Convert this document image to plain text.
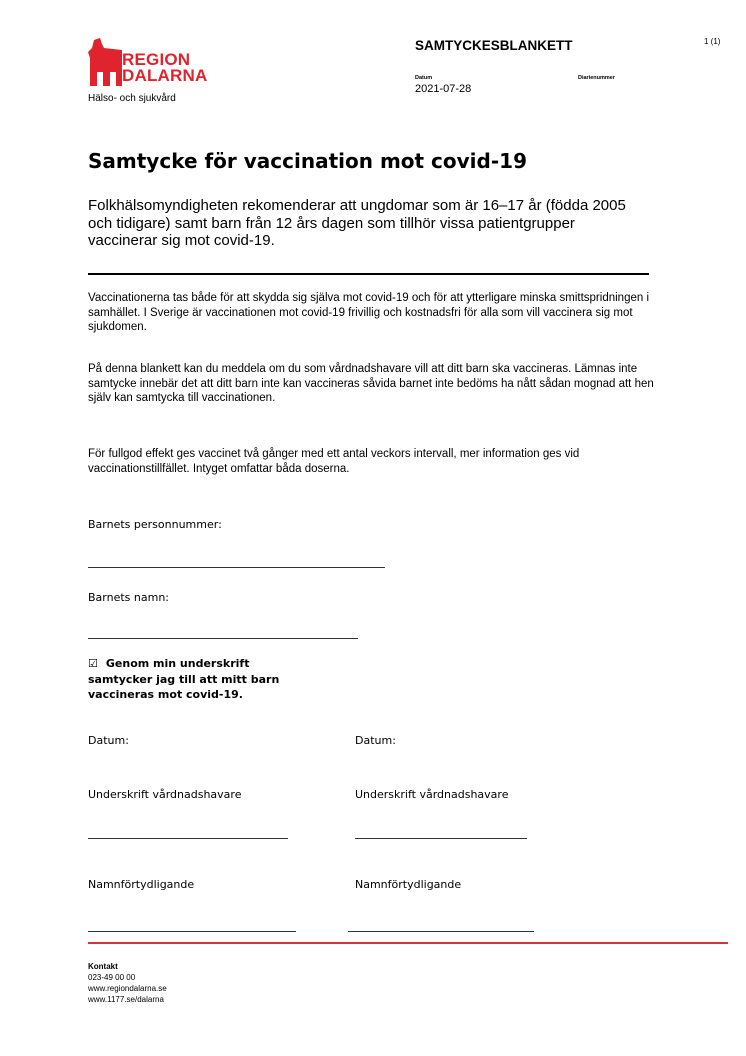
REGION
DALARNA
Hälso- och sjukvård
SAMTYCKESBLANKETT	1 (1)
Datum
2021-07-28
Diarienummer
Samtycke för vaccination mot covid-19
Folkhälsomyndigheten rekomenderar att ungdomar som är 16–17 år (födda 2005 och tidigare) samt barn från 12 års dagen som tillhör vissa patientgrupper vaccinerar sig mot covid-19.
Vaccinationerna tas både för att skydda sig själva mot covid-19 och för att ytterligare minska smittspridningen i samhället. I Sverige är vaccinationen mot covid-19 frivillig och kostnadsfri för alla som vill vaccinera sig mot sjukdomen.
På denna blankett kan du meddela om du som vårdnadshavare vill att ditt barn ska vaccineras. Lämnas inte samtycke innebär det att ditt barn inte kan vaccineras såvida barnet inte bedöms ha nått sådan mognad att hen själv kan samtycka till vaccinationen.
För fullgod effekt ges vaccinet två gånger med ett antal veckors intervall, mer information ges vid vaccinationstillfället. Intyget omfattar båda doserna.
Barnets personnummer:
Barnets namn:
☑ Genom min underskrift samtycker jag till att mitt barn vaccineras mot covid-19.
Datum:	Datum:
Underskrift vårdnadshavare	Underskrift vårdnadshavare
Namnförtydligande	Namnförtydligande
Kontakt
023-49 00 00
www.regiondalarna.se
www.1177.se/dalarna
